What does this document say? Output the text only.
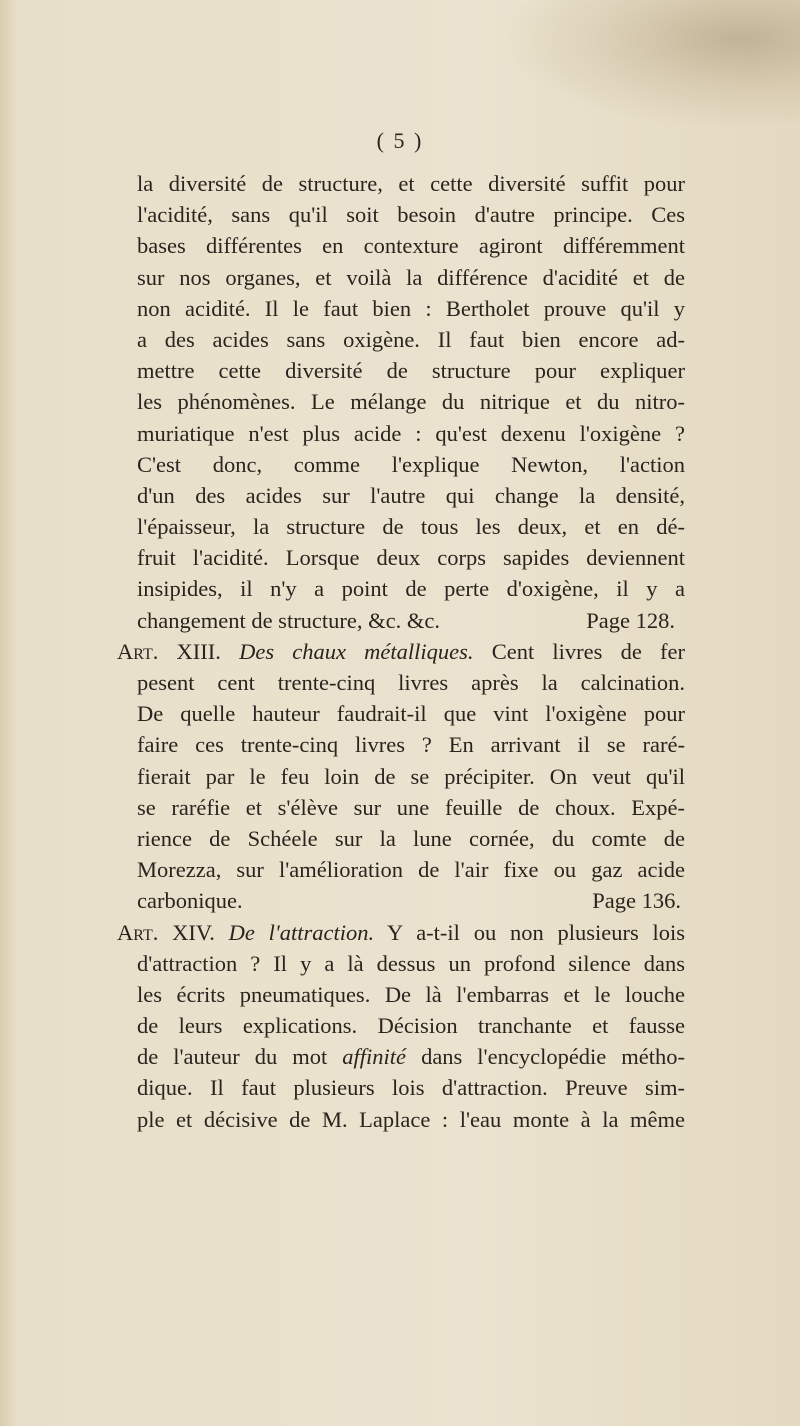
( 5 )
la diversité de structure, et cette diversité suffit pour
l'acidité, sans qu'il soit besoin d'autre principe. Ces
bases différentes en contexture agiront différemment
sur nos organes, et voilà la différence d'acidité et de
non acidité. Il le faut bien : Bertholet prouve qu'il y
a des acides sans oxigène. Il faut bien encore ad-
mettre cette diversité de structure pour expliquer
les phénomènes. Le mélange du nitrique et du nitro-
muriatique n'est plus acide : qu'est dexenu l'oxigène ?
C'est donc, comme l'explique Newton, l'action
d'un des acides sur l'autre qui change la densité,
l'épaisseur, la structure de tous les deux, et en dé-
fruit l'acidité. Lorsque deux corps sapides deviennent
insipides, il n'y a point de perte d'oxigène, il y a
changement de structure, &c. &c.	Page 128.
Art. XIII. Des chaux métalliques. Cent livres de fer
pesent cent trente-cinq livres après la calcination.
De quelle hauteur faudrait-il que vint l'oxigène pour
faire ces trente-cinq livres ? En arrivant il se raré-
fierait par le feu loin de se précipiter. On veut qu'il
se raréfie et s'élève sur une feuille de choux. Expé-
rience de Schéele sur la lune cornée, du comte de
Morezza, sur l'amélioration de l'air fixe ou gaz acide
carbonique.	Page 136.
Art. XIV. De l'attraction. Y a-t-il ou non plusieurs lois
d'attraction ? Il y a là dessus un profond silence dans
les écrits pneumatiques. De là l'embarras et le louche
de leurs explications. Décision tranchante et fausse
de l'auteur du mot affinité dans l'encyclopédie métho-
dique. Il faut plusieurs lois d'attraction. Preuve sim-
ple et décisive de M. Laplace : l'eau monte à la même
